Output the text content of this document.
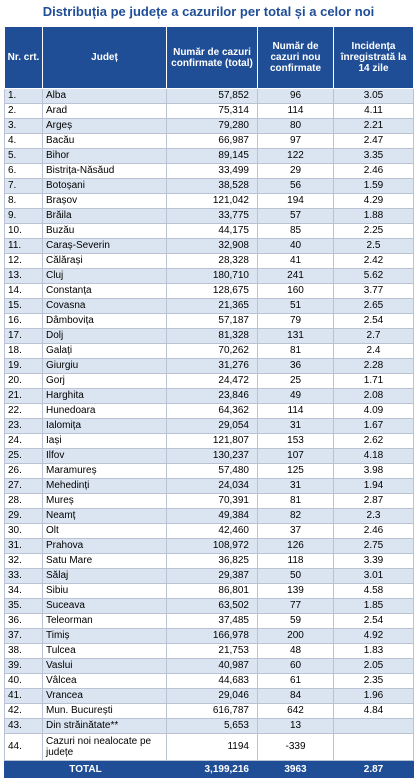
Distribuția pe județe a cazurilor per total și a celor noi
Nr. crt.	Județ	Număr de cazuri confirmate (total)	Număr de cazuri nou confirmate	Incidența înregistrată la 14 zile
1.	Alba	57,852	96	3.05
2.	Arad	75,314	114	4.11
3.	Argeș	79,280	80	2.21
4.	Bacău	66,987	97	2.47
5.	Bihor	89,145	122	3.35
6.	Bistrița-Năsăud	33,499	29	2.46
7.	Botoșani	38,528	56	1.59
8.	Brașov	121,042	194	4.29
9.	Brăila	33,775	57	1.88
10.	Buzău	44,175	85	2.25
11.	Caraș-Severin	32,908	40	2.5
12.	Călărași	28,328	41	2.42
13.	Cluj	180,710	241	5.62
14.	Constanța	128,675	160	3.77
15.	Covasna	21,365	51	2.65
16.	Dâmbovița	57,187	79	2.54
17.	Dolj	81,328	131	2.7
18.	Galați	70,262	81	2.4
19.	Giurgiu	31,276	36	2.28
20.	Gorj	24,472	25	1.71
21.	Harghita	23,846	49	2.08
22.	Hunedoara	64,362	114	4.09
23.	Ialomița	29,054	31	1.67
24.	Iași	121,807	153	2.62
25.	Ilfov	130,237	107	4.18
26.	Maramureș	57,480	125	3.98
27.	Mehedinți	24,034	31	1.94
28.	Mureș	70,391	81	2.87
29.	Neamț	49,384	82	2.3
30.	Olt	42,460	37	2.46
31.	Prahova	108,972	126	2.75
32.	Satu Mare	36,825	118	3.39
33.	Sălaj	29,387	50	3.01
34.	Sibiu	86,801	139	4.58
35.	Suceava	63,502	77	1.85
36.	Teleorman	37,485	59	2.54
37.	Timiș	166,978	200	4.92
38.	Tulcea	21,753	48	1.83
39.	Vaslui	40,987	60	2.05
40.	Vâlcea	44,683	61	2.35
41.	Vrancea	29,046	84	1.96
42.	Mun. București	616,787	642	4.84
43.	Din străinătate**	5,653	13	
44.	Cazuri noi nealocate pe județe	1194	-339	
TOTAL		3,199,216	3963	2.87
